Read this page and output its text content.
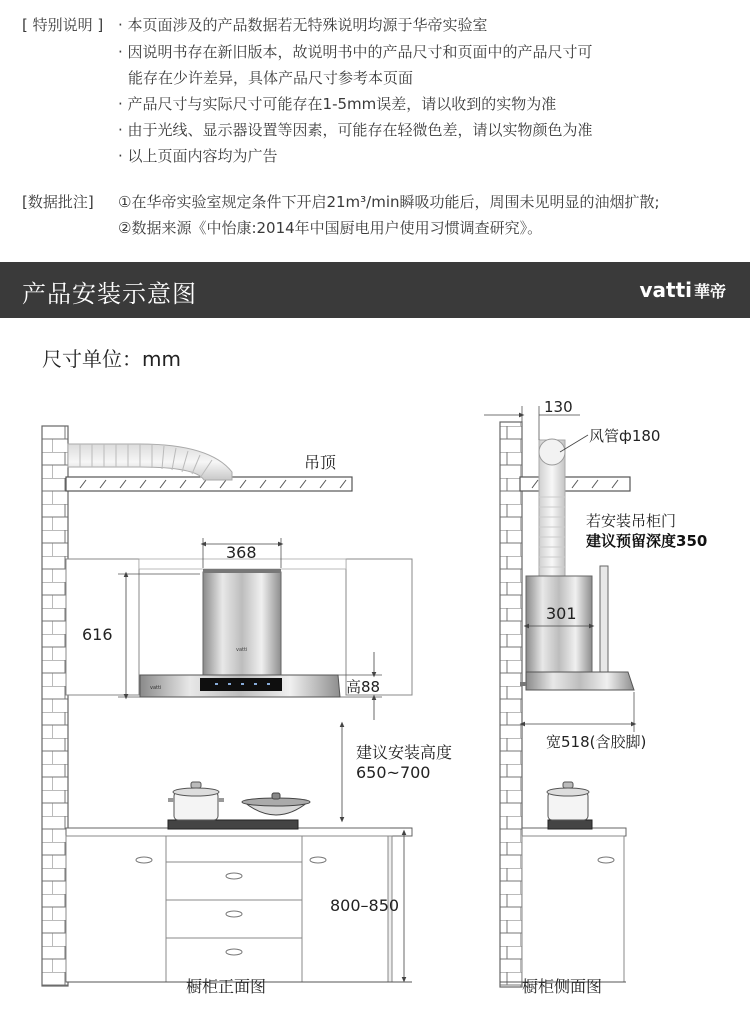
[ 特别说明 ] · 本页面涉及的产品数据若无特殊说明均源于华帝实验室
· 因说明书存在新旧版本，故说明书中的产品尺寸和页面中的产品尺寸可
能存在少许差异，具体产品尺寸参考本页面
· 产品尺寸与实际尺寸可能存在1-5mm误差，请以收到的实物为准
· 由于光线、显示器设置等因素，可能存在轻微色差，请以实物颜色为准
· 以上页面内容均为广告
[数据批注] ①在华帝实验室规定条件下开启21m³/min瞬吸功能后，周围未见明显的油烟扩散;
②数据来源《中怡康:2014年中国厨电用户使用习惯调查研究》。
产品安装示意图	vatti 華帝
尺寸单位：mm
吊顶
vatti
vatti
368
616
高88
建议安装高度
650~700
800–850
橱柜正面图
130
风管ф180
若安装吊柜门
建议预留深度350
301
宽518(含胶脚)
橱柜侧面图
